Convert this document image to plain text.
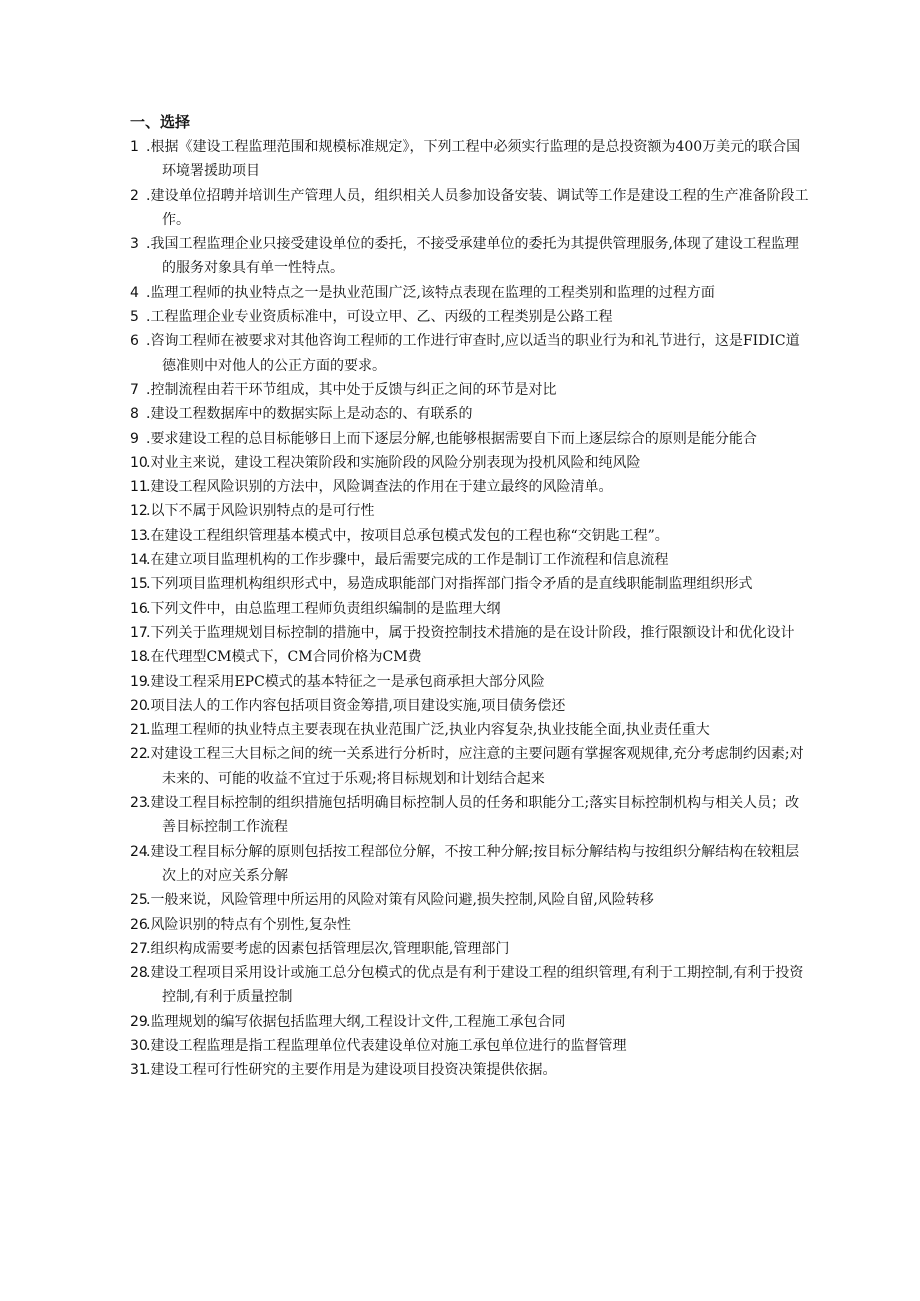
一、选择
1 .根据《建设工程监理范围和规模标准规定》，下列工程中必须实行监理的是总投资额为400万美元的联合国环境署援助项目
2 .建设单位招聘并培训生产管理人员，组织相关人员参加设备安装、调试等工作是建设工程的生产准备阶段工作。
3 .我国工程监理企业只接受建设单位的委托，不接受承建单位的委托为其提供管理服务,体现了建设工程监理的服务对象具有单一性特点。
4 .监理工程师的执业特点之一是执业范围广泛,该特点表现在监理的工程类别和监理的过程方面
5 .工程监理企业专业资质标准中，可设立甲、乙、丙级的工程类别是公路工程
6 .咨询工程师在被要求对其他咨询工程师的工作进行审查时,应以适当的职业行为和礼节进行，这是FIDIC道德准则中对他人的公正方面的要求。
7 .控制流程由若干环节组成，其中处于反馈与纠正之间的环节是对比
8 .建设工程数据库中的数据实际上是动态的、有联系的
9 .要求建设工程的总目标能够日上而下逐层分解,也能够根据需要自下而上逐层综合的原则是能分能合
10
.对业主来说，建设工程决策阶段和实施阶段的风险分别表现为投机风险和纯风险
11
.建设工程风险识别的方法中，风险调查法的作用在于建立最终的风险清单。
12
.以下不属于风险识别特点的是可行性
13
.在建设工程组织管理基本模式中，按项目总承包模式发包的工程也称“交钥匙工程”。
14
.在建立项目监理机构的工作步骤中，最后需要完成的工作是制订工作流程和信息流程
15
.下列项目监理机构组织形式中，易造成职能部门对指挥部门指令矛盾的是直线职能制监理组织形式
16
.下列文件中，由总监理工程师负责组织编制的是监理大纲
17
.下列关于监理规划目标控制的措施中，属于投资控制技术措施的是在设计阶段，推行限额设计和优化设计
18
.在代理型CM模式下，CM合同价格为CM费
19
.建设工程采用EPC模式的基本特征之一是承包商承担大部分风险
20
.项目法人的工作内容包括项目资金筹措,项目建设实施,项目债务偿还
21
.监理工程师的执业特点主要表现在执业范围广泛,执业内容复杂,执业技能全面,执业责任重大
22
.对建设工程三大目标之间的统一关系进行分析时，应注意的主要问题有掌握客观规律,充分考虑制约因素;对未来的、可能的收益不宜过于乐观;将目标规划和计划结合起来
23
.建设工程目标控制的组织措施包括明确目标控制人员的任务和职能分工;落实目标控制机构与相关人员；改善目标控制工作流程
24
.建设工程目标分解的原则包括按工程部位分解，不按工种分解;按目标分解结构与按组织分解结构在较粗层次上的对应关系分解
25
.一般来说，风险管理中所运用的风险对策有风险问避,损失控制,风险自留,风险转移
26
.风险识别的特点有个别性,复杂性
27
.组织构成需要考虑的因素包括管理层次,管理职能,管理部门
28
.建设工程项目采用设计或施工总分包模式的优点是有利于建设工程的组织管理,有利于工期控制,有利于投资控制,有利于质量控制
29
.监理规划的编写依据包括监理大纲,工程设计文件,工程施工承包合同
30
.建设工程监理是指工程监理单位代表建设单位对施工承包单位进行的监督管理
31
.建设工程可行性研究的主要作用是为建设项目投资决策提供依据。
